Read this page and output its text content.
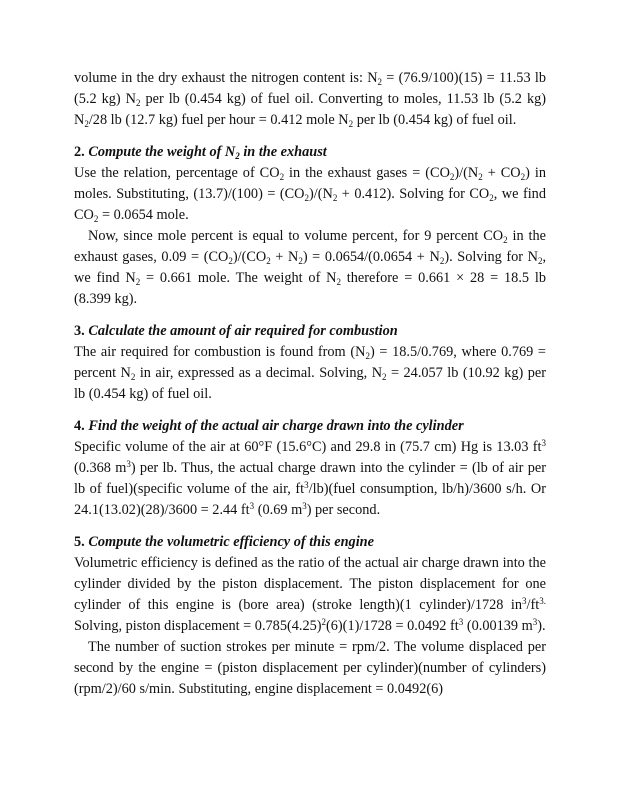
volume in the dry exhaust the nitrogen content is: $N_2 = (76.9/100)(15) = 11.53$ lb (5.2 kg) $N_2$ per lb (0.454 kg) of fuel oil. Converting to moles, 11.53 lb (5.2 kg) $N_2/28$ lb (12.7 kg) fuel per hour = 0.412 mole $N_2$ per lb (0.454 kg) of fuel oil.

2. Compute the weight of $N_2$ in the exhaust

Use the relation, percentage of $CO_2$ in the exhaust gases = $(CO_2)/(N_2 + CO_2)$ in moles. Substituting, $(13.7)/(100) = (CO_2)/(N_2 + 0.412)$. Solving for $CO_2$, we find $CO_2 = 0.0654$ mole.

Now, since mole percent is equal to volume percent, for 9 percent $CO_2$ in the exhaust gases, $0.09 = (CO_2)/(CO_2 + N_2) = 0.0654/(0.0654 + N_2)$. Solving for $N_2$, we find $N_2 = 0.661$ mole. The weight of $N_2$ therefore = 0.661 × 28 = 18.5 lb (8.399 kg).

3. Calculate the amount of air required for combustion

The air required for combustion is found from $(N_2) = 18.5/0.769$, where 0.769 = percent $N_2$ in air, expressed as a decimal. Solving, $N_2 = 24.057$ lb (10.92 kg) per lb (0.454 kg) of fuel oil.

4. Find the weight of the actual air charge drawn into the cylinder

Specific volume of the air at 60°F (15.6°C) and 29.8 in (75.7 cm) Hg is 13.03 $ft^3$ (0.368 $m^3$) per lb. Thus, the actual charge drawn into the cylinder = (lb of air per lb of fuel)(specific volume of the air, $ft^3/lb)(fuel$ consumption, lb/h)/3600 s/h. Or 24.1(13.02)(28)/3600 = 2.44 $ft^3$ (0.69 $m^3$) per second.

5. Compute the volumetric efficiency of this engine

Volumetric efficiency is defined as the ratio of the actual air charge drawn into the cylinder divided by the piston displacement. The piston displacement for one cylinder of this engine is (bore area) (stroke length)(1 cylinder)/1728 $in^3/ft^{3.}$ Solving, piston displacement = $0.785(4.25)^2(6)(1)/1728 = 0.0492$ $ft^3$ (0.00139 $m^3$).

The number of suction strokes per minute = rpm/2. The volume displaced per second by the engine = (piston displacement per cylinder)(number of cylinders)(rpm/2)/60 s/min. Substituting, engine displacement = 0.0492(6)
